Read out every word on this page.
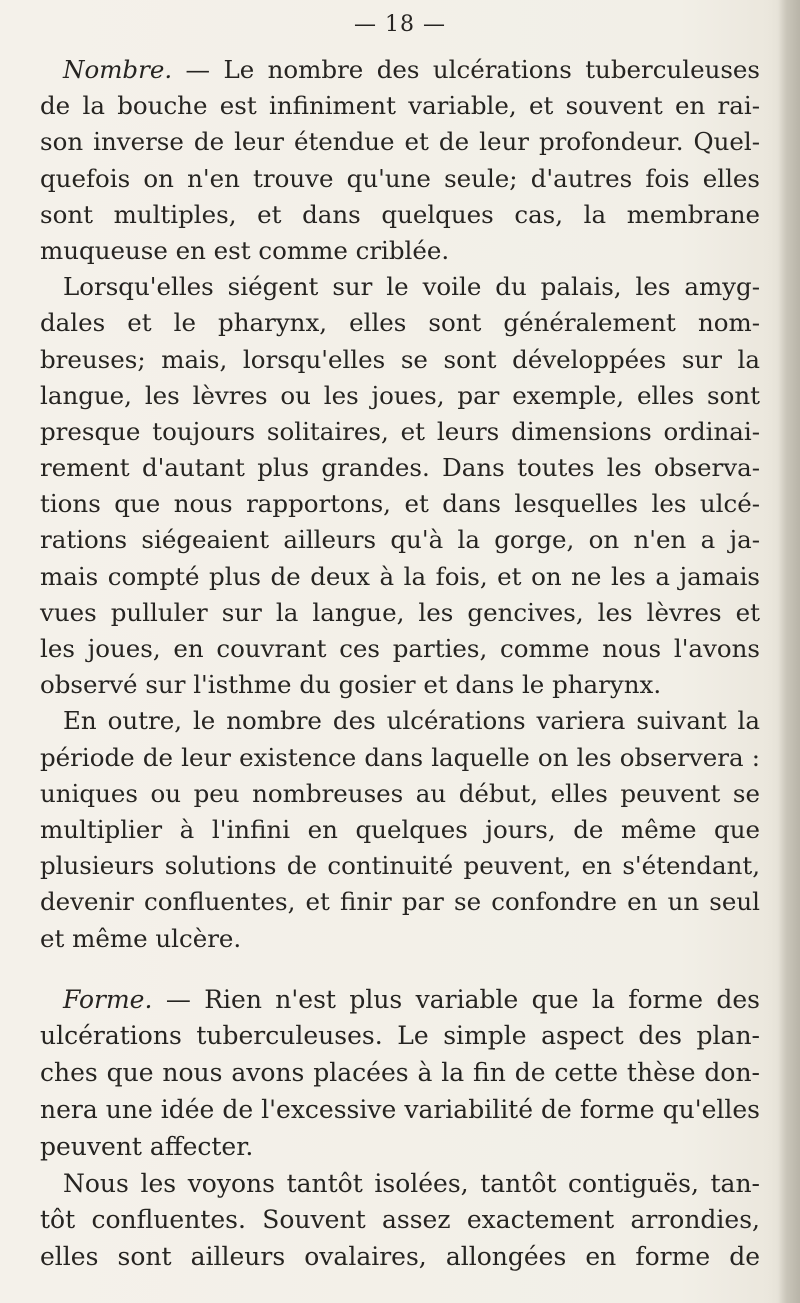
— 18 —
Nombre. — Le nombre des ulcérations tuberculeuses
de la bouche est infiniment variable, et souvent en rai-
son inverse de leur étendue et de leur profondeur. Quel-
quefois on n'en trouve qu'une seule; d'autres fois elles
sont multiples, et dans quelques cas, la membrane
muqueuse en est comme criblée.
Lorsqu'elles siégent sur le voile du palais, les amyg-
dales et le pharynx, elles sont généralement nom-
breuses; mais, lorsqu'elles se sont développées sur la
langue, les lèvres ou les joues, par exemple, elles sont
presque toujours solitaires, et leurs dimensions ordinai-
rement d'autant plus grandes. Dans toutes les observa-
tions que nous rapportons, et dans lesquelles les ulcé-
rations siégeaient ailleurs qu'à la gorge, on n'en a ja-
mais compté plus de deux à la fois, et on ne les a jamais
vues pulluler sur la langue, les gencives, les lèvres et
les joues, en couvrant ces parties, comme nous l'avons
observé sur l'isthme du gosier et dans le pharynx.
En outre, le nombre des ulcérations variera suivant la
période de leur existence dans laquelle on les observera :
uniques ou peu nombreuses au début, elles peuvent se
multiplier à l'infini en quelques jours, de même que
plusieurs solutions de continuité peuvent, en s'étendant,
devenir confluentes, et finir par se confondre en un seul
et même ulcère.
Forme. — Rien n'est plus variable que la forme des
ulcérations tuberculeuses. Le simple aspect des plan-
ches que nous avons placées à la fin de cette thèse don-
nera une idée de l'excessive variabilité de forme qu'elles
peuvent affecter.
Nous les voyons tantôt isolées, tantôt contiguës, tan-
tôt confluentes. Souvent assez exactement arrondies,
elles sont ailleurs ovalaires, allongées en forme de
